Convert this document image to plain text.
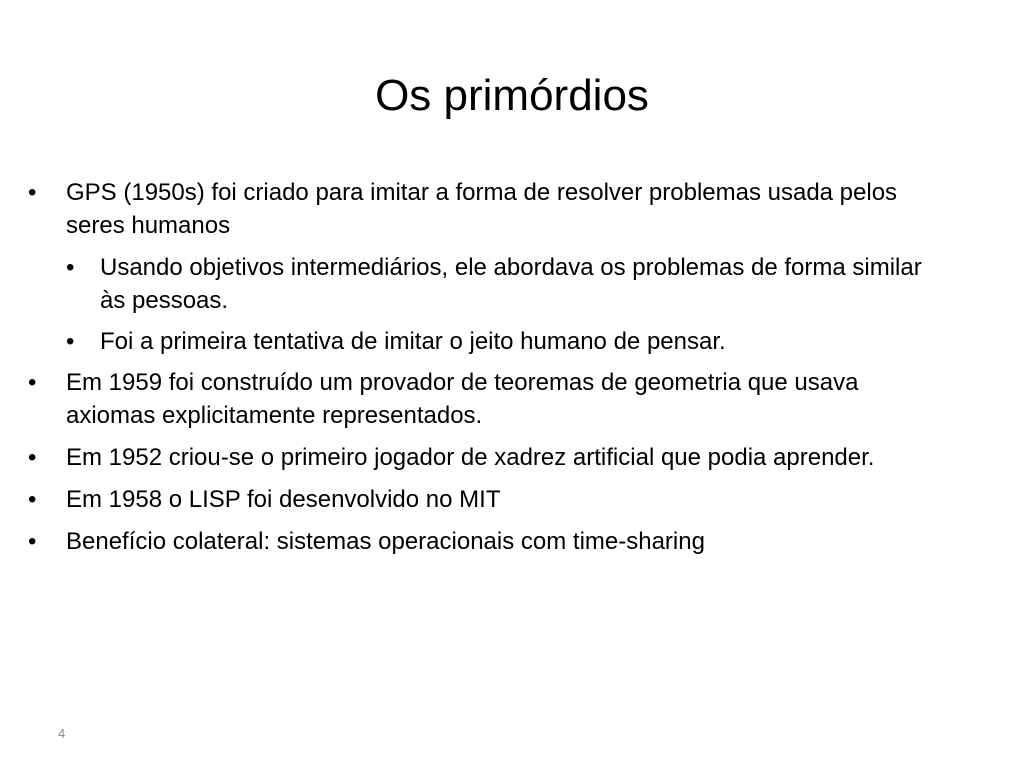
Os primórdios
•	GPS (1950s) foi criado para imitar a forma de resolver problemas usada pelos seres humanos
•	Usando objetivos intermediários, ele abordava os problemas de forma similar às pessoas.
•	Foi a primeira tentativa de imitar o jeito humano de pensar.
•	Em 1959 foi construído um provador de teoremas de geometria que usava axiomas explicitamente representados.
•	Em 1952 criou-se o primeiro jogador de xadrez artificial que podia aprender.
•	Em 1958 o LISP foi desenvolvido no MIT
•	Benefício colateral: sistemas operacionais com time-sharing
4
